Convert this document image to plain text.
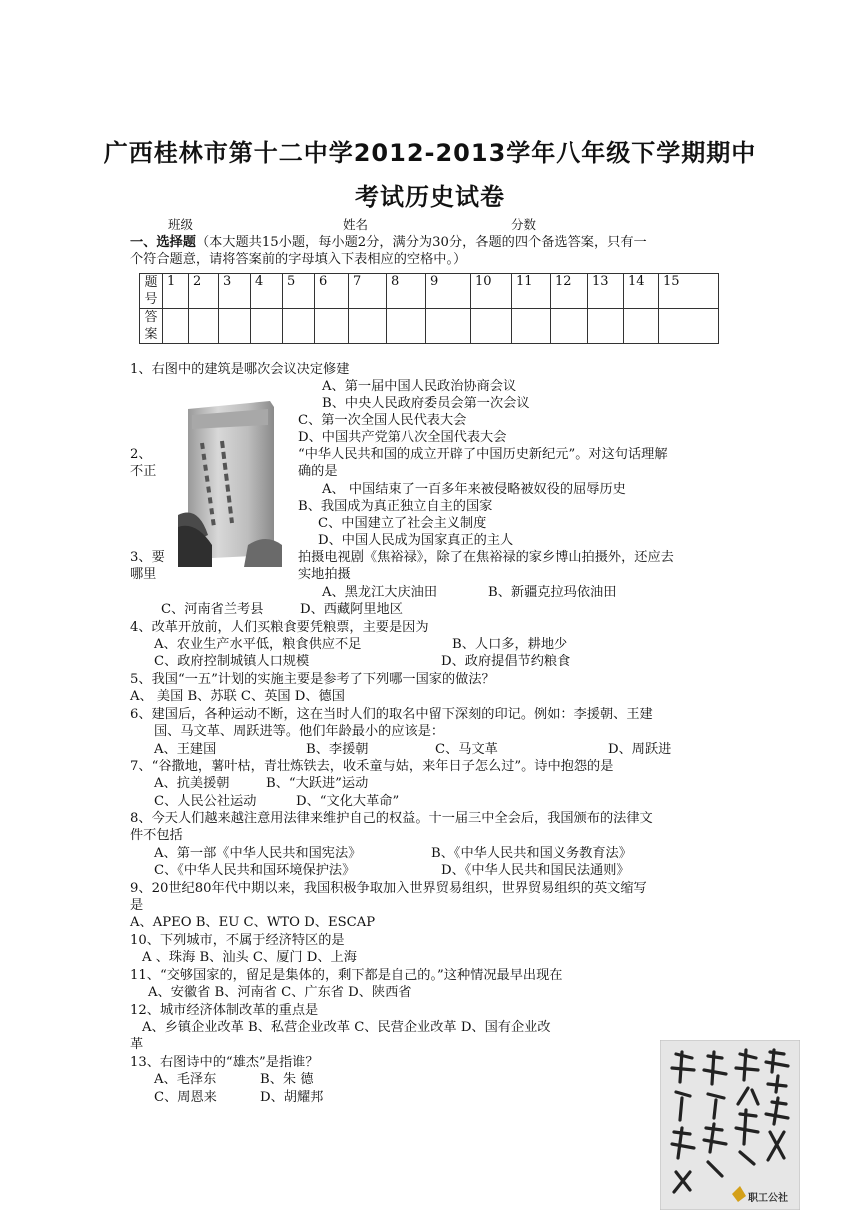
广西桂林市第十二中学2012-2013学年八年级下学期期中
考试历史试卷
班级	姓名	分数
一、选择题（本大题共15小题，每小题2分，满分为30分，各题的四个备选答案，只有一
个符合题意，请将答案前的字母填入下表相应的空格中。）
题号	1	2	3	4	5	6	7	8	9	10	11	12	13	14	15
答案															
职工公社
1、右图中的建筑是哪次会议决定修建
A、第一届中国人民政治协商会议
B、中央人民政府委员会第一次会议
C、第一次全国人民代表大会
D、中国共产党第八次全国代表大会
2、	“中华人民共和国的成立开辟了中国历史新纪元”。对这句话理解
不正	确的是
A、 中国结束了一百多年来被侵略被奴役的屈辱历史
B、我国成为真正独立自主的国家
C、中国建立了社会主义制度
D、中国人民成为国家真正的主人
3、要	拍摄电视剧《焦裕禄》，除了在焦裕禄的家乡博山拍摄外，还应去
哪里	实地拍摄
A、黑龙江大庆油田	B、新疆克拉玛依油田
C、河南省兰考县	D、西藏阿里地区
4、改革开放前，人们买粮食要凭粮票，主要是因为
A、农业生产水平低，粮食供应不足	B、人口多，耕地少
C、政府控制城镇人口规模	D、政府提倡节约粮食
5、我国“一五”计划的实施主要是参考了下列哪一国家的做法？
A、 美国 B、苏联 C、英国 D、德国
6、建国后，各种运动不断，这在当时人们的取名中留下深刻的印记。例如：李援朝、王建
国、马文革、周跃进等。他们年龄最小的应该是：
A、王建国	B、李援朝	C、马文革	D、周跃进
7、“谷撒地，薯叶枯，青壮炼铁去，收禾童与姑，来年日子怎么过”。诗中抱怨的是
A、抗美援朝	B、“大跃进”运动
C、人民公社运动	D、“文化大革命”
8、今天人们越来越注意用法律来维护自己的权益。十一届三中全会后，我国颁布的法律文
件不包括
A、第一部《中华人民共和国宪法》	B、《中华人民共和国义务教育法》
C、《中华人民共和国环境保护法》	D、《中华人民共和国民法通则》
9、20世纪80年代中期以来，我国积极争取加入世界贸易组织，世界贸易组织的英文缩写
是
A、APEO B、EU C、WTO D、ESCAP
10、下列城市，不属于经济特区的是
A 、珠海 B、汕头 C、厦门 D、上海
11、“交够国家的，留足是集体的，剩下都是自己的。”这种情况最早出现在
A、安徽省 B、河南省 C、广东省 D、陕西省
12、城市经济体制改革的重点是
A、乡镇企业改革 B、私营企业改革 C、民营企业改革 D、国有企业改
革
13、右图诗中的“雄杰”是指谁？
A、毛泽东	B、朱 德
C、周恩来	D、胡耀邦
